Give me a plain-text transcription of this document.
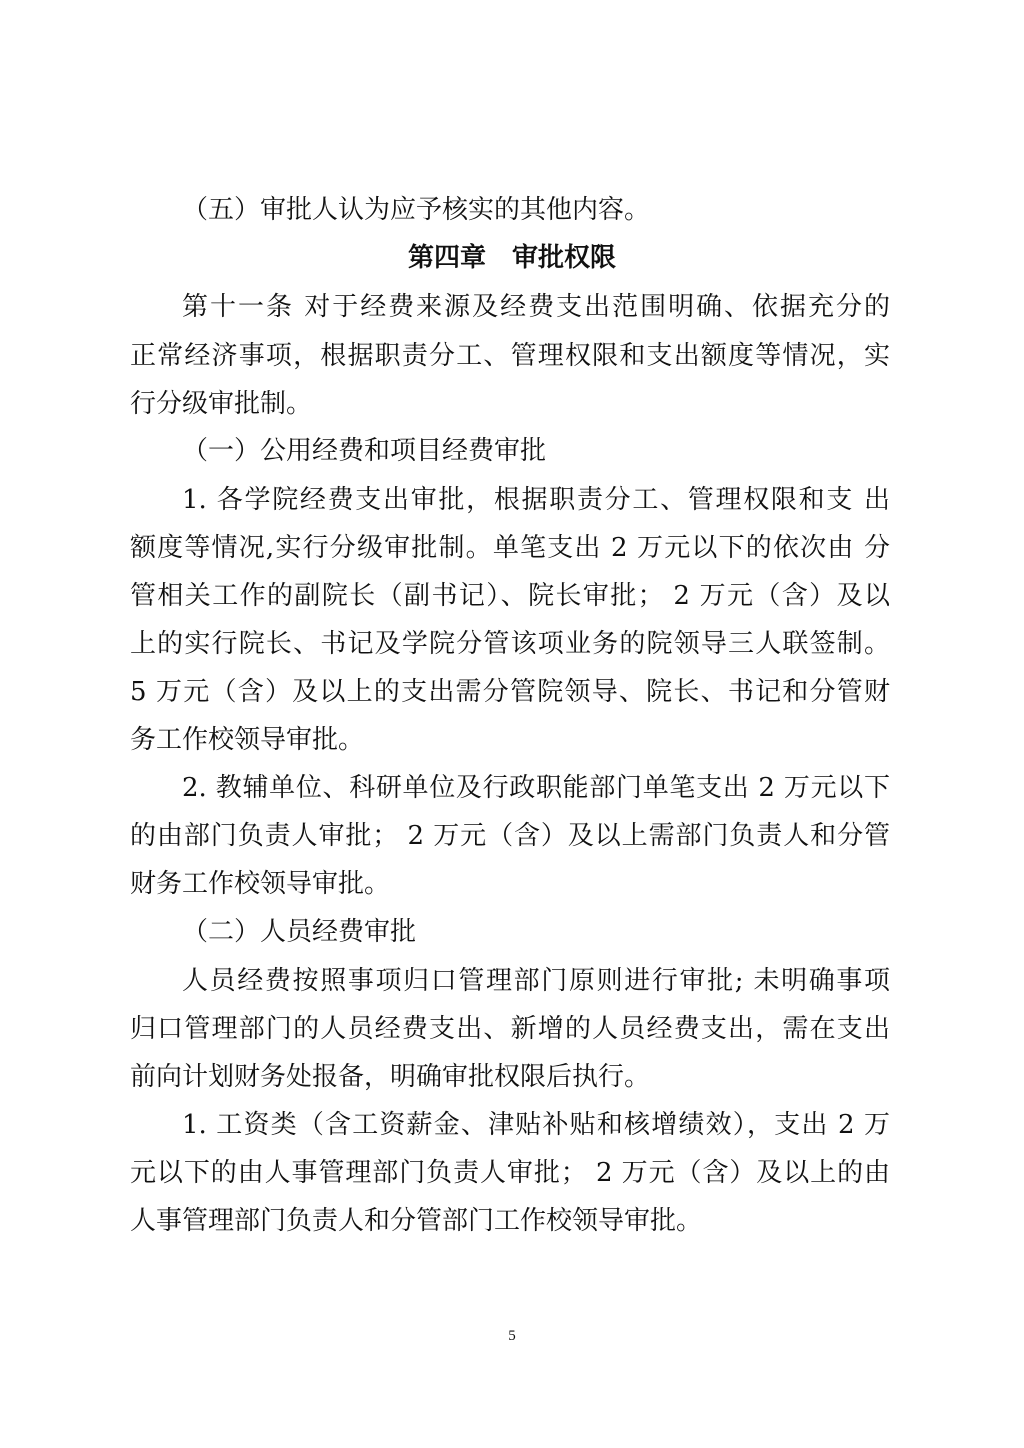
（五）审批人认为应予核实的其他内容。
第四章　审批权限
第十一条 对于经费来源及经费支出范围明确、依据充分的
正常经济事项，根据职责分工、管理权限和支出额度等情况，实
行分级审批制。
（一）公用经费和项目经费审批
1. 各学院经费支出审批，根据职责分工、管理权限和支 出
额度等情况,实行分级审批制。单笔支出 2 万元以下的依次由 分
管相关工作的副院长（副书记）、院长审批； 2 万元（含）及以
上的实行院长、书记及学院分管该项业务的院领导三人联签制。
5 万元（含）及以上的支出需分管院领导、院长、书记和分管财
务工作校领导审批。
2. 教辅单位、科研单位及行政职能部门单笔支出 2 万元以下
的由部门负责人审批； 2 万元（含）及以上需部门负责人和分管
财务工作校领导审批。
（二）人员经费审批
人员经费按照事项归口管理部门原则进行审批; 未明确事项
归口管理部门的人员经费支出、新增的人员经费支出，需在支出
前向计划财务处报备，明确审批权限后执行。
1. 工资类（含工资薪金、津贴补贴和核增绩效），支出 2 万
元以下的由人事管理部门负责人审批； 2 万元（含）及以上的由
人事管理部门负责人和分管部门工作校领导审批。
5
